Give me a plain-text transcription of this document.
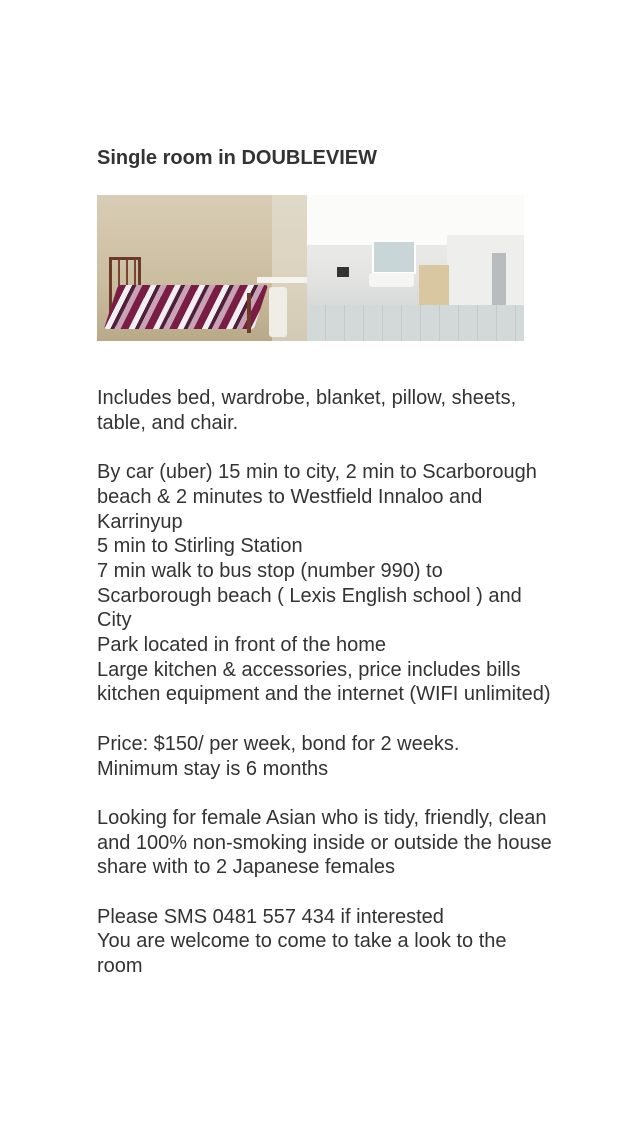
Single room in DOUBLEVIEW

Includes bed, wardrobe, blanket, pillow, sheets, table, and chair.

By car (uber) 15 min to city, 2 min to Scarborough beach & 2 minutes to Westfield Innaloo and Karrinyup
5 min to Stirling Station
7 min walk to bus stop (number 990) to Scarborough beach ( Lexis English school ) and City
Park located in front of the home
Large kitchen & accessories, price includes bills kitchen equipment and the internet (WIFI unlimited)

Price: $150/ per week, bond for 2 weeks.
Minimum stay is 6 months

Looking for female Asian who is tidy, friendly, clean and 100% non-smoking inside or outside the house share with to 2 Japanese females

Please SMS 0481 557 434 if interested
You are welcome to come to take a look to the room
